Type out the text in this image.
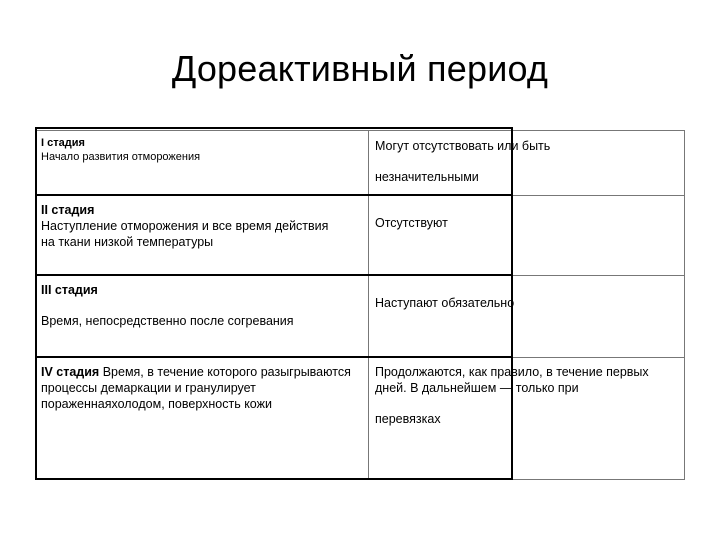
Дореактивный период
I стадия
Начало развития отморожения
Могут отсутствовать или быть
незначительными
II стадия
Наступление отморожения и все время действия на ткани низкой температуры
Отсутствуют
III стадия
Время, непосредственно после согревания
Наступают обязательно
IV стадия Время, в течение которого разыгрываются процессы демаркации и гранулирует пораженнаяхолодом, поверхность кожи
Продолжаются, как правило, в течение первых дней. В дальнейшем — только при
перевязках
